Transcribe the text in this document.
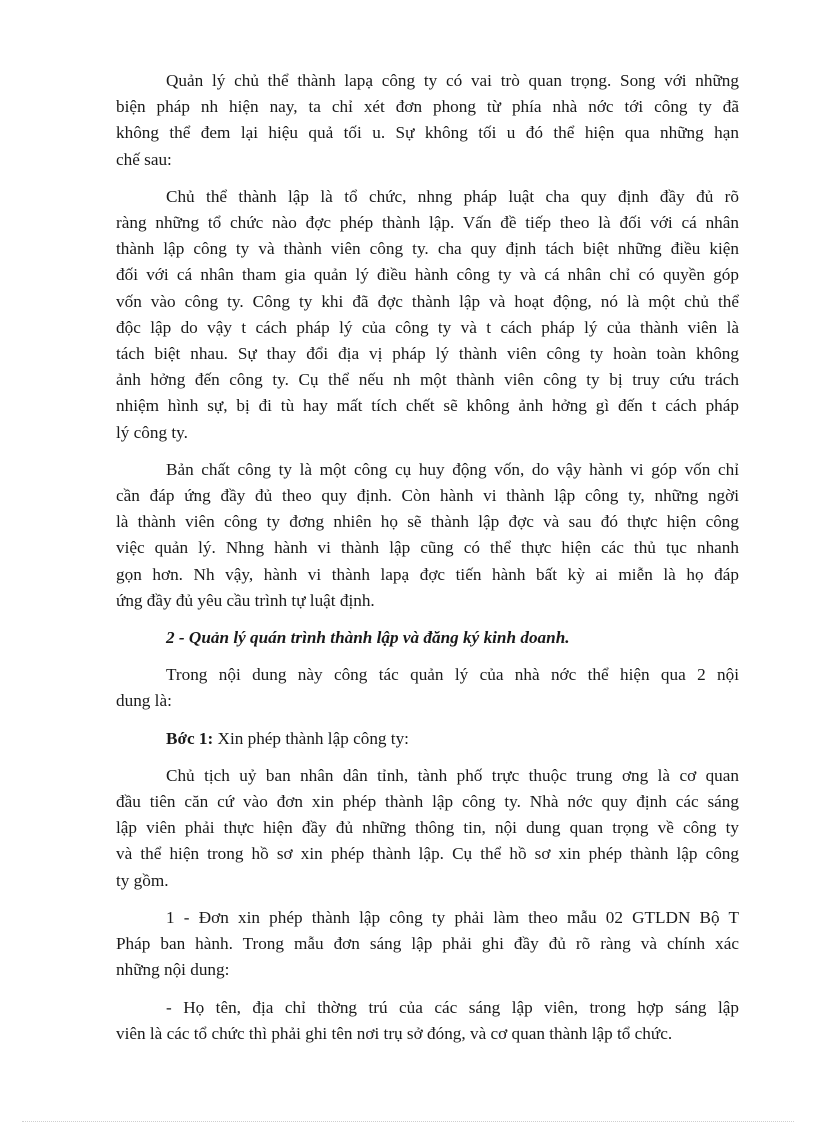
Quản lý chủ thể thành lapạ công ty có vai trò quan trọng. Song với những
biện pháp nh hiện nay, ta chỉ xét đơn phong từ phía nhà nớc tới công ty đã
không thể đem lại hiệu quả tối u. Sự không tối u đó thể hiện qua những hạn
chế sau:
Chủ thể thành lập là tổ chức, nhng pháp luật cha quy định đầy đủ rõ
ràng những tổ chức nào đợc phép thành lập. Vấn đề tiếp theo là đối với cá nhân
thành lập công ty và thành viên công ty. cha quy định tách biệt những điều kiện
đối với cá nhân tham gia quản lý điều hành công ty và cá nhân chỉ có quyền góp
vốn vào công ty. Công ty khi đã đợc thành lập và hoạt động, nó là một chủ thể
độc lập do vậy t cách pháp lý của công ty và t cách pháp lý của thành viên là
tách biệt nhau. Sự thay đổi địa vị pháp lý thành viên công ty hoàn toàn không
ảnh hởng đến công ty. Cụ thể nếu nh một thành viên công ty bị truy cứu trách
nhiệm hình sự, bị đi tù hay mất tích chết sẽ không ảnh hởng gì đến t cách pháp
lý công ty.
Bản chất công ty là một công cụ huy động vốn, do vậy hành vi góp vốn chỉ
cần đáp ứng đầy đủ theo quy định. Còn hành vi thành lập công ty, những ngời
là thành viên công ty đơng nhiên họ sẽ thành lập đợc và sau đó thực hiện công
việc quản lý. Nhng hành vi thành lập cũng có thể thực hiện các thủ tục nhanh
gọn hơn. Nh vậy, hành vi thành lapạ đợc tiến hành bất kỳ ai miễn là họ đáp
ứng đầy đủ yêu cầu trình tự luật định.
2 - Quản lý quán trình thành lập và đăng ký kinh doanh.
Trong nội dung này công tác quản lý của nhà nớc thể hiện qua 2 nội
dung là:
Bớc 1: Xin phép thành lập công ty:
Chủ tịch uỷ ban nhân dân tỉnh, tành phố trực thuộc trung ơng là cơ quan
đầu tiên căn cứ vào đơn xin phép thành lập công ty. Nhà nớc quy định các sáng
lập viên phải thực hiện đầy đủ những thông tin, nội dung quan trọng về công ty
và thể hiện trong hồ sơ xin phép thành lập. Cụ thể hồ sơ xin phép thành lập công
ty gồm.
1 - Đơn xin phép thành lập công ty phải làm theo mẫu 02 GTLDN Bộ T
Pháp ban hành. Trong mẫu đơn sáng lập phải ghi đầy đủ rõ ràng và chính xác
những nội dung:
- Họ tên, địa chỉ thờng trú của các sáng lập viên, trong hợp sáng lập
viên là các tổ chức thì phải ghi tên nơi trụ sở đóng, và cơ quan thành lập tổ chức.
